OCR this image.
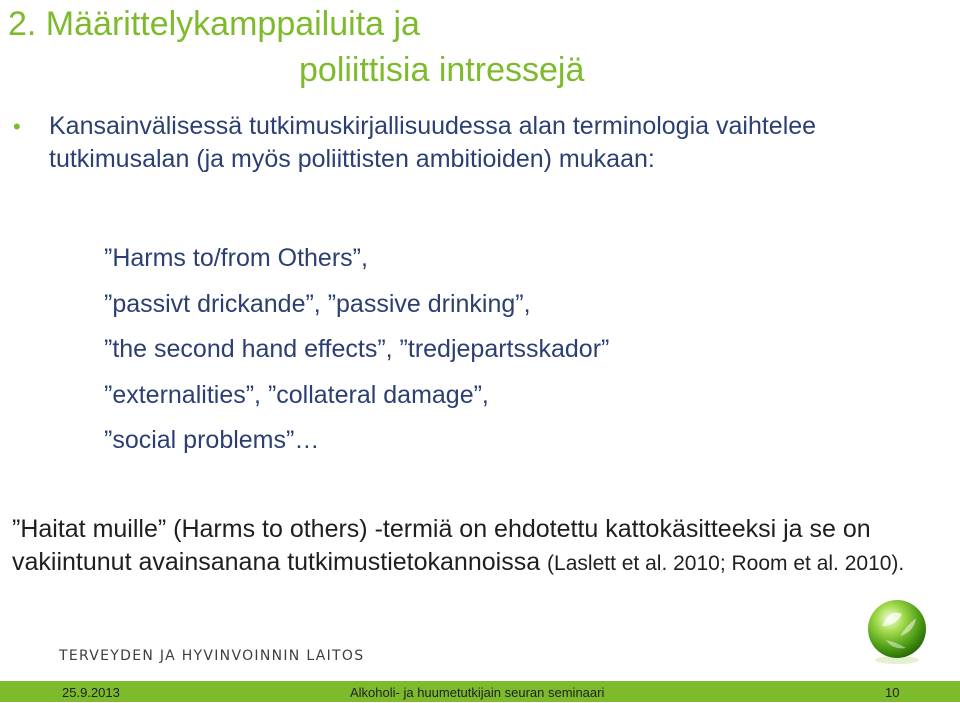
2. Määrittelykamppailuita ja
poliittisia intressejä
•	Kansainvälisessä tutkimuskirjallisuudessa alan terminologia vaihtelee tutkimusalan (ja myös poliittisten ambitioiden) mukaan:
”Harms to/from Others”,
”passivt drickande”, ”passive drinking”,
”the second hand effects”, ”tredjepartsskador”
”externalities”, ”collateral damage”,
”social problems”…

”Haitat muille” (Harms to others) -termiä on ehdotettu kattokäsitteeksi ja se on vakiintunut avainsanana tutkimustietokannoissa (Laslett et al. 2010; Room et al. 2010).

TERVEYDEN JA HYVINVOINNIN LAITOS
25.9.2013	Alkoholi- ja huumetutkijain seuran seminaari	10
